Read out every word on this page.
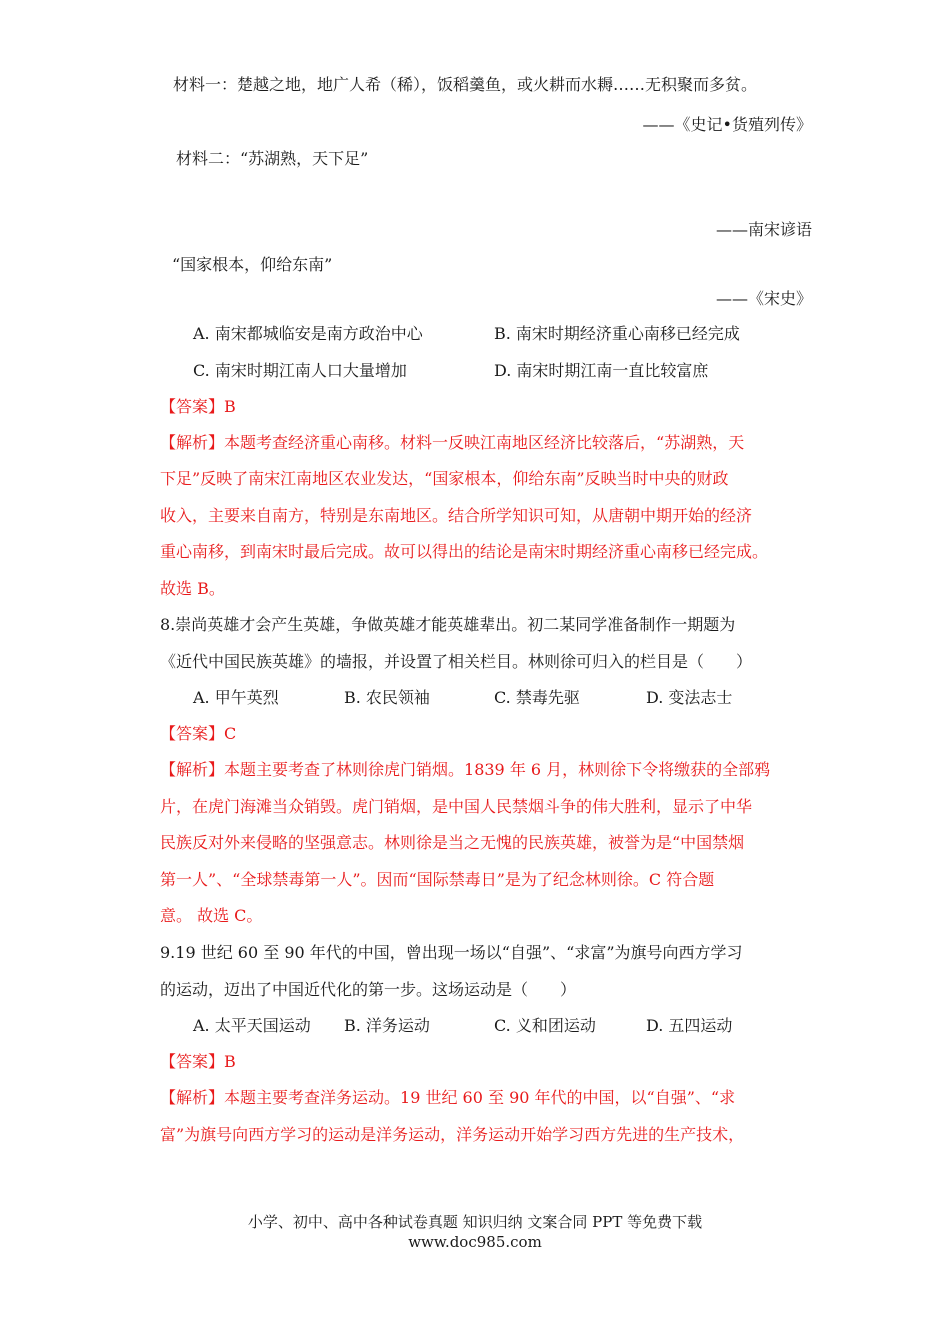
材料一：楚越之地，地广人希（稀），饭稻羹鱼，或火耕而水耨……无积聚而多贫。
——《史记•货殖列传》
材料二：“苏湖熟，天下足”
——南宋谚语
“国家根本，仰给东南”
——《宋史》
A. 南宋都城临安是南方政治中心	B. 南宋时期经济重心南移已经完成
C. 南宋时期江南人口大量增加	D. 南宋时期江南一直比较富庶
【答案】B
【解析】本题考查经济重心南移。材料一反映江南地区经济比较落后，“苏湖熟，天
下足”反映了南宋江南地区农业发达，“国家根本，仰给东南”反映当时中央的财政
收入，主要来自南方，特别是东南地区。结合所学知识可知，从唐朝中期开始的经济
重心南移，到南宋时最后完成。故可以得出的结论是南宋时期经济重心南移已经完成。
故选 B。
8.崇尚英雄才会产生英雄，争做英雄才能英雄辈出。初二某同学准备制作一期题为
《近代中国民族英雄》的墙报，并设置了相关栏目。林则徐可归入的栏目是（　　）
A. 甲午英烈	B. 农民领袖	C. 禁毒先驱	D. 变法志士
【答案】C
【解析】本题主要考查了林则徐虎门销烟。1839 年 6 月，林则徐下令将缴获的全部鸦
片，在虎门海滩当众销毁。虎门销烟，是中国人民禁烟斗争的伟大胜利，显示了中华
民族反对外来侵略的坚强意志。林则徐是当之无愧的民族英雄，被誉为是“中国禁烟
第一人”、“全球禁毒第一人”。因而“国际禁毒日”是为了纪念林则徐。C 符合题
意。 故选 C。
9.19 世纪 60 至 90 年代的中国，曾出现一场以“自强”、“求富”为旗号向西方学习
的运动，迈出了中国近代化的第一步。这场运动是（　　）
A. 太平天国运动 B. 洋务运动	C. 义和团运动	D. 五四运动
【答案】B
【解析】本题主要考查洋务运动。19 世纪 60 至 90 年代的中国，以“自强”、“求
富”为旗号向西方学习的运动是洋务运动，洋务运动开始学习西方先进的生产技术，
小学、初中、高中各种试卷真题 知识归纳 文案合同 PPT 等免费下载
www.doc985.com
